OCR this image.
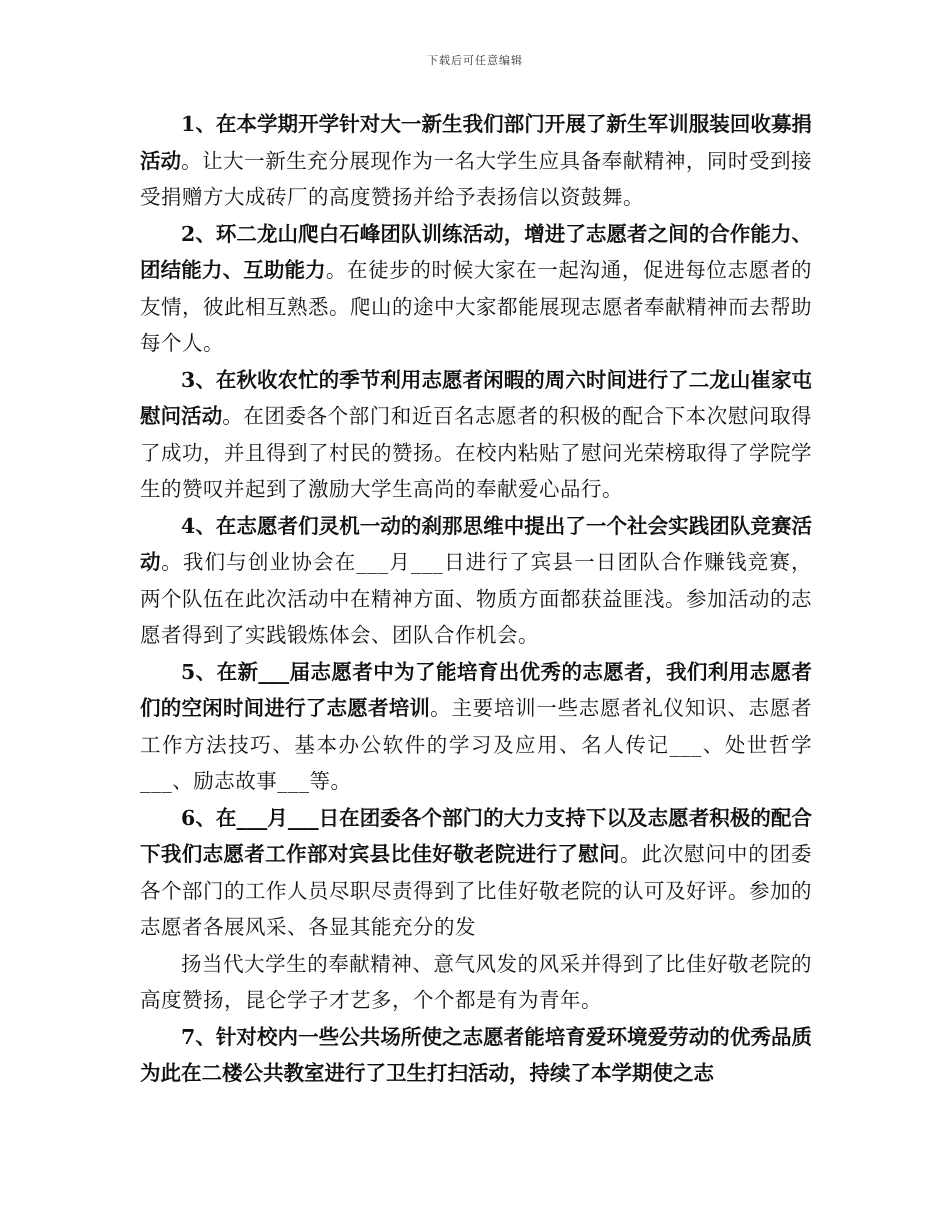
下载后可任意编辑

1、在本学期开学针对大一新生我们部门开展了新生军训服装回收募捐活动。让大一新生充分展现作为一名大学生应具备奉献精神，同时受到接受捐赠方大成砖厂的高度赞扬并给予表扬信以资鼓舞。

2、环二龙山爬白石峰团队训练活动，增进了志愿者之间的合作能力、团结能力、互助能力。在徒步的时候大家在一起沟通，促进每位志愿者的友情，彼此相互熟悉。爬山的途中大家都能展现志愿者奉献精神而去帮助每个人。

3、在秋收农忙的季节利用志愿者闲暇的周六时间进行了二龙山崔家屯慰问活动。在团委各个部门和近百名志愿者的积极的配合下本次慰问取得了成功，并且得到了村民的赞扬。在校内粘贴了慰问光荣榜取得了学院学生的赞叹并起到了激励大学生高尚的奉献爱心品行。

4、在志愿者们灵机一动的刹那思维中提出了一个社会实践团队竞赛活动。我们与创业协会在___月___日进行了宾县一日团队合作赚钱竞赛，两个队伍在此次活动中在精神方面、物质方面都获益匪浅。参加活动的志愿者得到了实践锻炼体会、团队合作机会。

5、在新___届志愿者中为了能培育出优秀的志愿者，我们利用志愿者们的空闲时间进行了志愿者培训。主要培训一些志愿者礼仪知识、志愿者工作方法技巧、基本办公软件的学习及应用、名人传记___、处世哲学___、励志故事___等。

6、在___月___日在团委各个部门的大力支持下以及志愿者积极的配合下我们志愿者工作部对宾县比佳好敬老院进行了慰问。此次慰问中的团委各个部门的工作人员尽职尽责得到了比佳好敬老院的认可及好评。参加的志愿者各展风采、各显其能充分的发

扬当代大学生的奉献精神、意气风发的风采并得到了比佳好敬老院的高度赞扬，昆仑学子才艺多，个个都是有为青年。

7、针对校内一些公共场所使之志愿者能培育爱环境爱劳动的优秀品质为此在二楼公共教室进行了卫生打扫活动，持续了本学期使之志
